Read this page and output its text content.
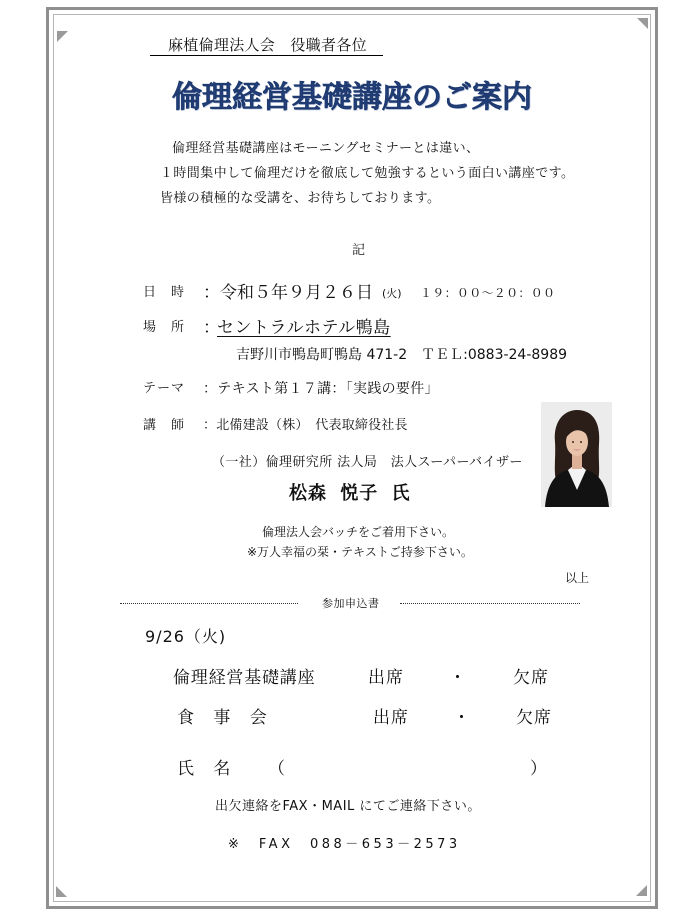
麻植倫理法人会　役職者各位
倫理経営基礎講座のご案内
倫理経営基礎講座はモーニングセミナーとは違い、
１時間集中して倫理だけを徹底して勉強するという面白い講座です。
皆様の積極的な受講を、お待ちしております。
記
日　時 ：令和５年９月２６日 (火) １９：００～２０：００
場　所 ：
セントラルホテル鴨島
吉野川市鴨島町鴨島 471-2　ＴＥＬ:0883-24-8989
テーマ ：テキスト第１７講：「実践の要件」
講　師 ：北備建設（株）　代表取締役社長
（一社）倫理研究所 法人局　法人スーパーバイザー
松森 悦子 氏
倫理法人会バッチをご着用下さい。
※万人幸福の栞・テキストご持参下さい。
以上
参加申込書
9/26（火)
倫理経営基礎講座	出席	・	欠席
食　事　会	出席	・	欠席
氏　名 （	）
出欠連絡をFAX・MAIL にてご連絡下さい。
※　FAX　088－653－2573
